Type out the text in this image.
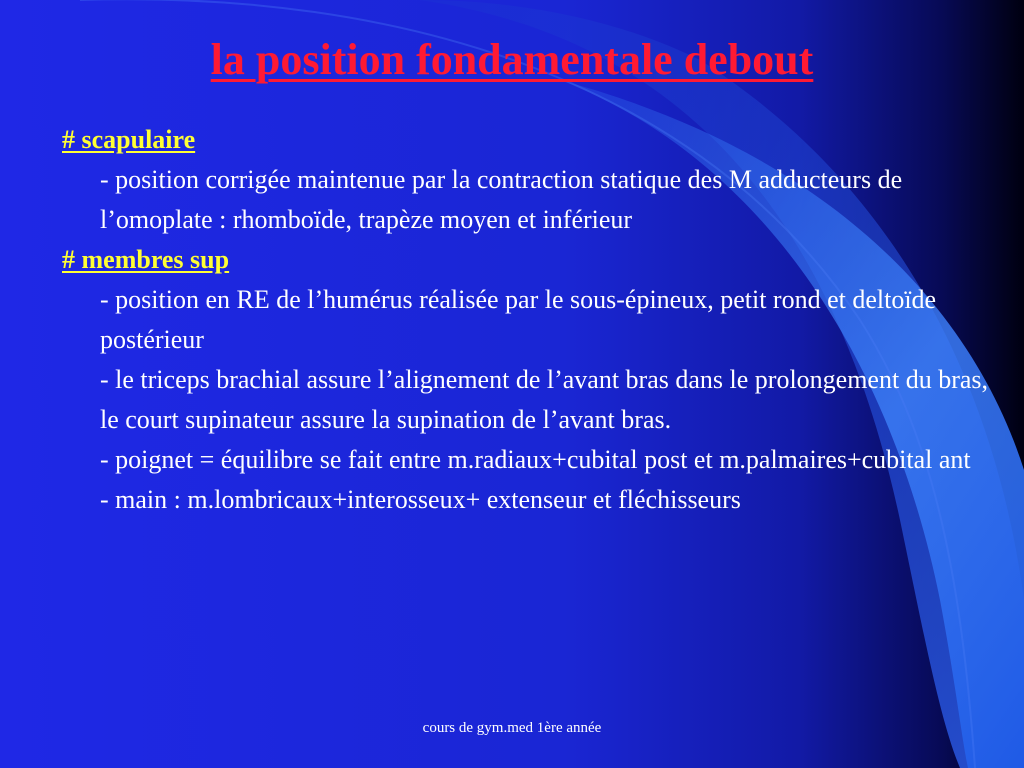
la position fondamentale debout

# scapulaire

- position corrigée maintenue par la contraction statique des M adducteurs de l’omoplate : rhomboïde, trapèze moyen et inférieur

# membres sup

- position en RE de l’humérus réalisée par le sous-épineux, petit rond et deltoïde postérieur

- le triceps brachial assure l’alignement de l’avant bras dans le prolongement du bras, le court supinateur assure la supination de l’avant bras.

- poignet = équilibre se fait entre m.radiaux+cubital post et m.palmaires+cubital ant

- main : m.lombricaux+interosseux+ extenseur et fléchisseurs

cours de gym.med 1ère année
